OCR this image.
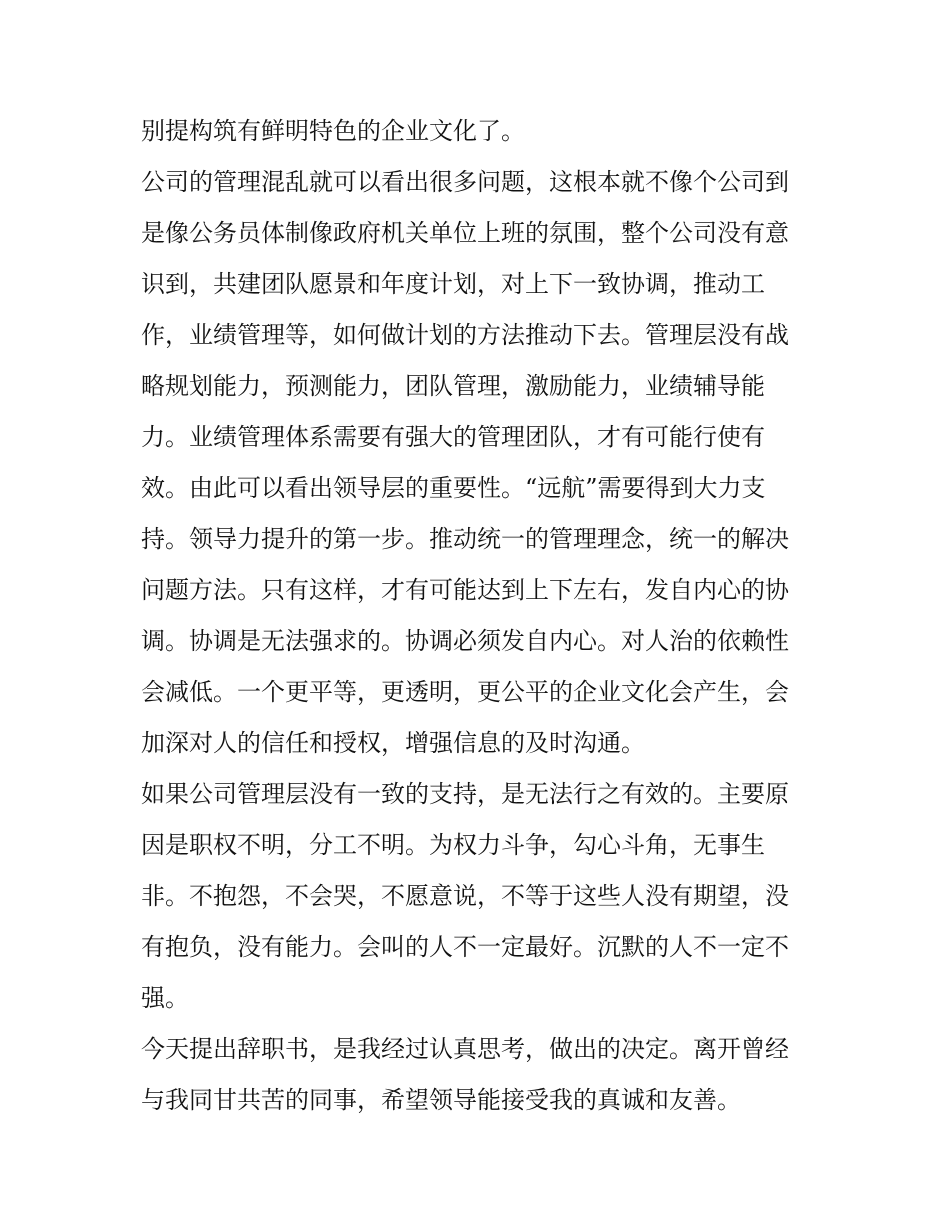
别提构筑有鲜明特色的企业文化了。
公司的管理混乱就可以看出很多问题，这根本就不像个公司到
是像公务员体制像政府机关单位上班的氛围，整个公司没有意
识到，共建团队愿景和年度计划，对上下一致协调，推动工
作，业绩管理等，如何做计划的方法推动下去。管理层没有战
略规划能力，预测能力，团队管理，激励能力，业绩辅导能
力。业绩管理体系需要有强大的管理团队，才有可能行使有
效。由此可以看出领导层的重要性。“远航”需要得到大力支
持。领导力提升的第一步。推动统一的管理理念，统一的解决
问题方法。只有这样，才有可能达到上下左右，发自内心的协
调。协调是无法强求的。协调必须发自内心。对人治的依赖性
会减低。一个更平等，更透明，更公平的企业文化会产生，会
加深对人的信任和授权，增强信息的及时沟通。
如果公司管理层没有一致的支持，是无法行之有效的。主要原
因是职权不明，分工不明。为权力斗争，勾心斗角，无事生
非。不抱怨，不会哭，不愿意说，不等于这些人没有期望，没
有抱负，没有能力。会叫的人不一定最好。沉默的人不一定不
强。
今天提出辞职书，是我经过认真思考，做出的决定。离开曾经
与我同甘共苦的同事，希望领导能接受我的真诚和友善。
